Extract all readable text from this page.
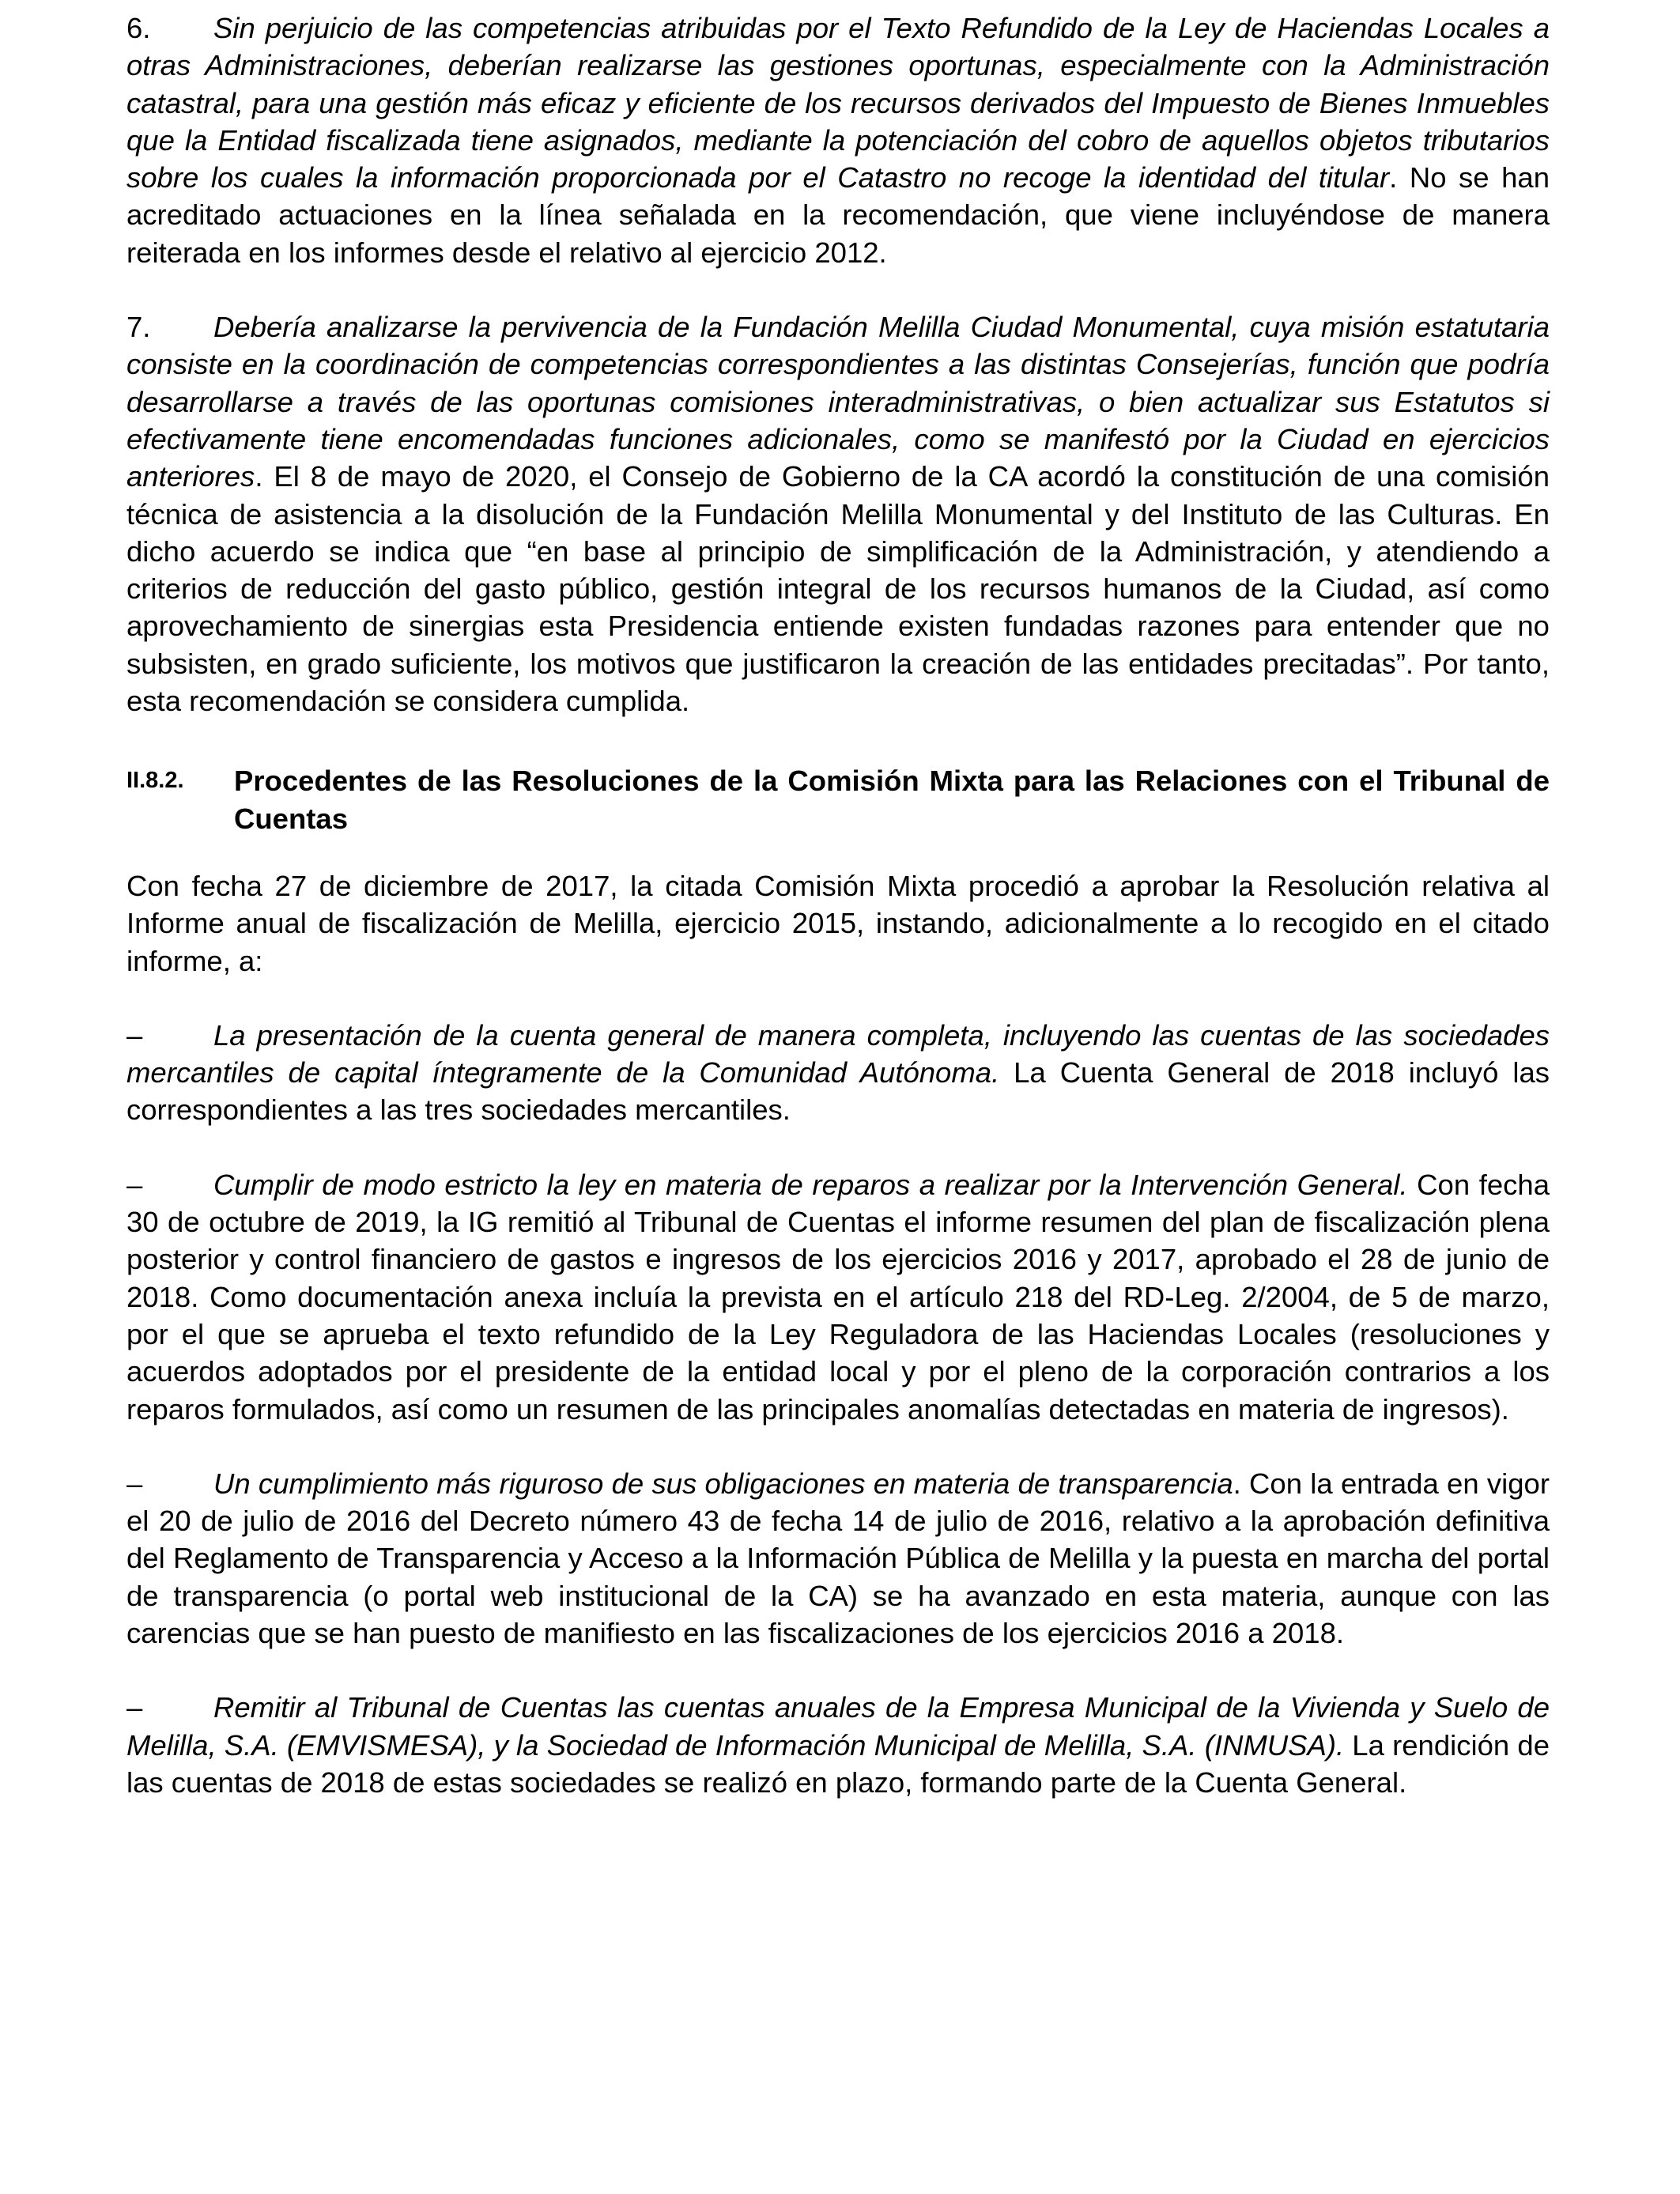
6. Sin perjuicio de las competencias atribuidas por el Texto Refundido de la Ley de Haciendas Locales a otras Administraciones, deberían realizarse las gestiones oportunas, especialmente con la Administración catastral, para una gestión más eficaz y eficiente de los recursos derivados del Impuesto de Bienes Inmuebles que la Entidad fiscalizada tiene asignados, mediante la potenciación del cobro de aquellos objetos tributarios sobre los cuales la información proporcionada por el Catastro no recoge la identidad del titular. No se han acreditado actuaciones en la línea señalada en la recomendación, que viene incluyéndose de manera reiterada en los informes desde el relativo al ejercicio 2012.

7. Debería analizarse la pervivencia de la Fundación Melilla Ciudad Monumental, cuya misión estatutaria consiste en la coordinación de competencias correspondientes a las distintas Consejerías, función que podría desarrollarse a través de las oportunas comisiones interadministrativas, o bien actualizar sus Estatutos si efectivamente tiene encomendadas funciones adicionales, como se manifestó por la Ciudad en ejercicios anteriores. El 8 de mayo de 2020, el Consejo de Gobierno de la CA acordó la constitución de una comisión técnica de asistencia a la disolución de la Fundación Melilla Monumental y del Instituto de las Culturas. En dicho acuerdo se indica que “en base al principio de simplificación de la Administración, y atendiendo a criterios de reducción del gasto público, gestión integral de los recursos humanos de la Ciudad, así como aprovechamiento de sinergias esta Presidencia entiende existen fundadas razones para entender que no subsisten, en grado suficiente, los motivos que justificaron la creación de las entidades precitadas”. Por tanto, esta recomendación se considera cumplida.

II.8.2.	Procedentes de las Resoluciones de la Comisión Mixta para las Relaciones con el Tribunal de Cuentas

Con fecha 27 de diciembre de 2017, la citada Comisión Mixta procedió a aprobar la Resolución relativa al Informe anual de fiscalización de Melilla, ejercicio 2015, instando, adicionalmente a lo recogido en el citado informe, a:

– La presentación de la cuenta general de manera completa, incluyendo las cuentas de las sociedades mercantiles de capital íntegramente de la Comunidad Autónoma. La Cuenta General de 2018 incluyó las correspondientes a las tres sociedades mercantiles.

– Cumplir de modo estricto la ley en materia de reparos a realizar por la Intervención General. Con fecha 30 de octubre de 2019, la IG remitió al Tribunal de Cuentas el informe resumen del plan de fiscalización plena posterior y control financiero de gastos e ingresos de los ejercicios 2016 y 2017, aprobado el 28 de junio de 2018. Como documentación anexa incluía la prevista en el artículo 218 del RD-Leg. 2/2004, de 5 de marzo, por el que se aprueba el texto refundido de la Ley Reguladora de las Haciendas Locales (resoluciones y acuerdos adoptados por el presidente de la entidad local y por el pleno de la corporación contrarios a los reparos formulados, así como un resumen de las principales anomalías detectadas en materia de ingresos).

– Un cumplimiento más riguroso de sus obligaciones en materia de transparencia. Con la entrada en vigor el 20 de julio de 2016 del Decreto número 43 de fecha 14 de julio de 2016, relativo a la aprobación definitiva del Reglamento de Transparencia y Acceso a la Información Pública de Melilla y la puesta en marcha del portal de transparencia (o portal web institucional de la CA) se ha avanzado en esta materia, aunque con las carencias que se han puesto de manifiesto en las fiscalizaciones de los ejercicios 2016 a 2018.

– Remitir al Tribunal de Cuentas las cuentas anuales de la Empresa Municipal de la Vivienda y Suelo de Melilla, S.A. (EMVISMESA), y la Sociedad de Información Municipal de Melilla, S.A. (INMUSA). La rendición de las cuentas de 2018 de estas sociedades se realizó en plazo, formando parte de la Cuenta General.
